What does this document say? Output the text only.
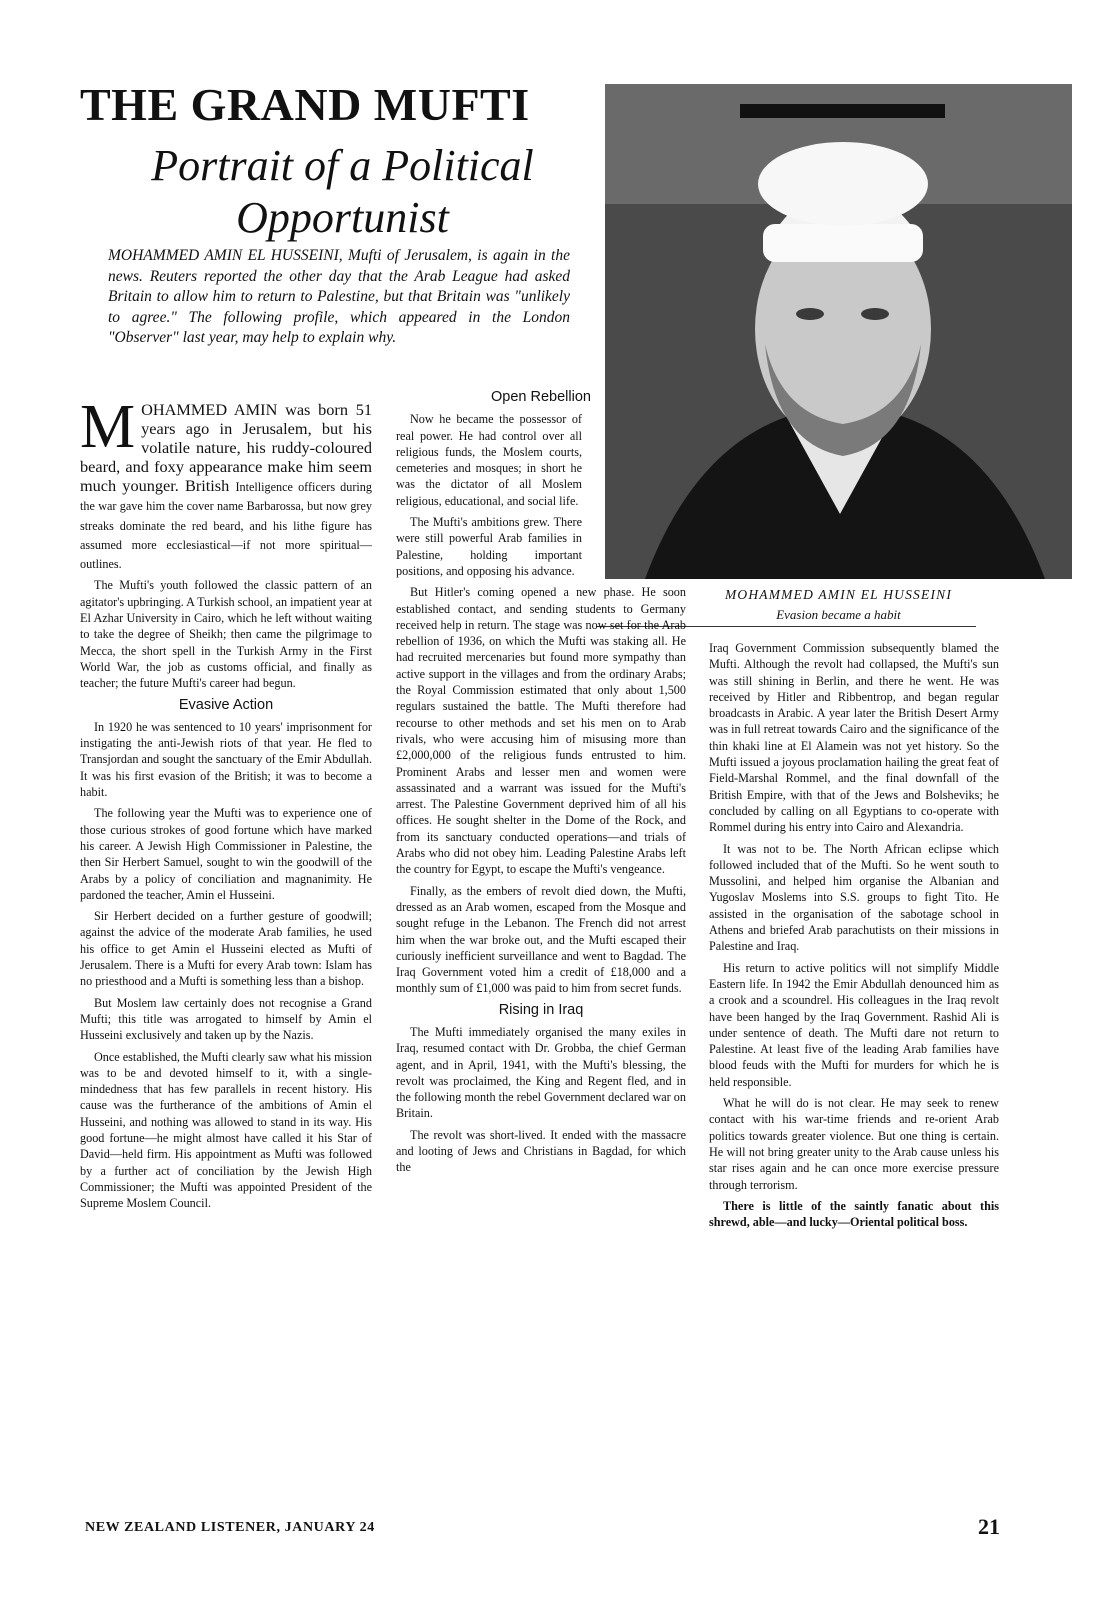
THE GRAND MUFTI
Portrait of a Political Opportunist
MOHAMMED AMIN EL HUSSEINI, Mufti of Jerusalem, is again in the news. Reuters reported the other day that the Arab League had asked Britain to allow him to return to Palestine, but that Britain was "unlikely to agree." The following profile, which appeared in the London "Observer" last year, may help to explain why.
MOHAMMED AMIN EL HUSSEINI
Evasion became a habit

MOHAMMED AMIN was born 51 years ago in Jerusalem, but his volatile nature, his ruddy-coloured beard, and foxy appearance make him seem much younger. British Intelligence officers during the war gave him the cover name Barbarossa, but now grey streaks dominate the red beard, and his lithe figure has assumed more ecclesiastical—if not more spiritual—outlines.

The Mufti's youth followed the classic pattern of an agitator's upbringing. A Turkish school, an impatient year at El Azhar University in Cairo, which he left without waiting to take the degree of Sheikh; then came the pilgrimage to Mecca, the short spell in the Turkish Army in the First World War, the job as customs official, and finally as teacher; the future Mufti's career had begun.

Evasive Action

In 1920 he was sentenced to 10 years' imprisonment for instigating the anti-Jewish riots of that year. He fled to Transjordan and sought the sanctuary of the Emir Abdullah. It was his first evasion of the British; it was to become a habit.

The following year the Mufti was to experience one of those curious strokes of good fortune which have marked his career. A Jewish High Commissioner in Palestine, the then Sir Herbert Samuel, sought to win the goodwill of the Arabs by a policy of conciliation and magnanimity. He pardoned the teacher, Amin el Husseini.

Sir Herbert decided on a further gesture of goodwill; against the advice of the moderate Arab families, he used his office to get Amin el Husseini elected as Mufti of Jerusalem. There is a Mufti for every Arab town: Islam has no priesthood and a Mufti is something less than a bishop.

But Moslem law certainly does not recognise a Grand Mufti; this title was arrogated to himself by Amin el Husseini exclusively and taken up by the Nazis.

Once established, the Mufti clearly saw what his mission was to be and devoted himself to it, with a single-mindedness that has few parallels in recent history. His cause was the furtherance of the ambitions of Amin el Husseini, and nothing was allowed to stand in its way. His good fortune—he might almost have called it his Star of David—held firm. His appointment as Mufti was followed by a further act of conciliation by the Jewish High Commissioner; the Mufti was appointed President of the Supreme Moslem Council.

Open Rebellion

Now he became the possessor of real power. He had control over all religious funds, the Moslem courts, cemeteries and mosques; in short he was the dictator of all Moslem religious, educational, and social life.

The Mufti's ambitions grew. There were still powerful Arab families in Palestine, holding important positions, and opposing his advance.

But Hitler's coming opened a new phase. He soon established contact, and sending students to Germany received help in return. The stage was now set for the Arab rebellion of 1936, on which the Mufti was staking all. He had recruited mercenaries but found more sympathy than active support in the villages and from the ordinary Arabs; the Royal Commission estimated that only about 1,500 regulars sustained the battle. The Mufti therefore had recourse to other methods and set his men on to Arab rivals, who were accusing him of misusing more than £2,000,000 of the religious funds entrusted to him. Prominent Arabs and lesser men and women were assassinated and a warrant was issued for the Mufti's arrest. The Palestine Government deprived him of all his offices. He sought shelter in the Dome of the Rock, and from its sanctuary conducted operations—and trials of Arabs who did not obey him. Leading Palestine Arabs left the country for Egypt, to escape the Mufti's vengeance.

Finally, as the embers of revolt died down, the Mufti, dressed as an Arab women, escaped from the Mosque and sought refuge in the Lebanon. The French did not arrest him when the war broke out, and the Mufti escaped their curiously inefficient surveillance and went to Bagdad. The Iraq Government voted him a credit of £18,000 and a monthly sum of £1,000 was paid to him from secret funds.

Rising in Iraq

The Mufti immediately organised the many exiles in Iraq, resumed contact with Dr. Grobba, the chief German agent, and in April, 1941, with the Mufti's blessing, the revolt was proclaimed, the King and Regent fled, and in the following month the rebel Government declared war on Britain.

The revolt was short-lived. It ended with the massacre and looting of Jews and Christians in Bagdad, for which the

Iraq Government Commission subsequently blamed the Mufti. Although the revolt had collapsed, the Mufti's sun was still shining in Berlin, and there he went. He was received by Hitler and Ribbentrop, and began regular broadcasts in Arabic. A year later the British Desert Army was in full retreat towards Cairo and the significance of the thin khaki line at El Alamein was not yet history. So the Mufti issued a joyous proclamation hailing the great feat of Field-Marshal Rommel, and the final downfall of the British Empire, with that of the Jews and Bolsheviks; he concluded by calling on all Egyptians to co-operate with Rommel during his entry into Cairo and Alexandria.

It was not to be. The North African eclipse which followed included that of the Mufti. So he went south to Mussolini, and helped him organise the Albanian and Yugoslav Moslems into S.S. groups to fight Tito. He assisted in the organisation of the sabotage school in Athens and briefed Arab parachutists on their missions in Palestine and Iraq.

His return to active politics will not simplify Middle Eastern life. In 1942 the Emir Abdullah denounced him as a crook and a scoundrel. His colleagues in the Iraq revolt have been hanged by the Iraq Government. Rashid Ali is under sentence of death. The Mufti dare not return to Palestine. At least five of the leading Arab families have blood feuds with the Mufti for murders for which he is held responsible.

What he will do is not clear. He may seek to renew contact with his war-time friends and re-orient Arab politics towards greater violence. But one thing is certain. He will not bring greater unity to the Arab cause unless his star rises again and he can once more exercise pressure through terrorism.

There is little of the saintly fanatic about this shrewd, able—and lucky—Oriental political boss.

NEW ZEALAND LISTENER, JANUARY 24	21
